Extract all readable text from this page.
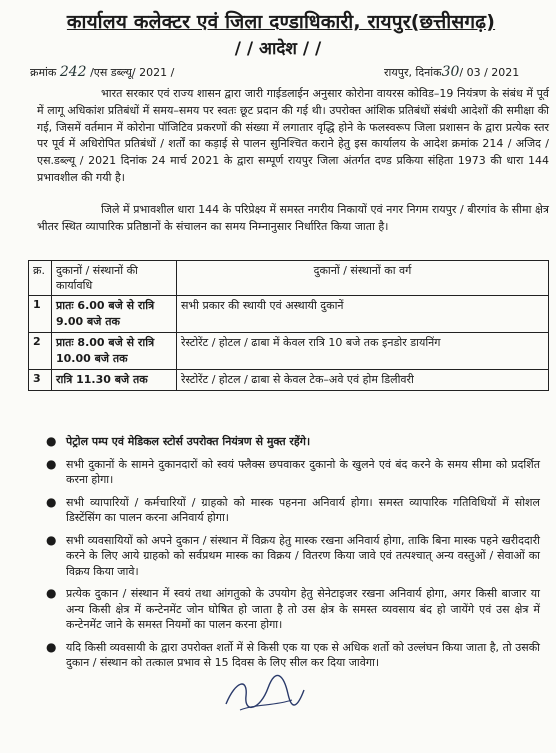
कार्यालय कलेक्टर एवं जिला दण्डाधिकारी, रायपुर(छत्तीसगढ़)
/ / आदेश / /
क्रमांक 242 /एस डब्ल्यू/ 2021 /	रायपुर, दिनांक30/ 03 / 2021
भारत सरकार एवं राज्य शासन द्वारा जारी गाईडलाईन अनुसार कोरोना वायरस कोविड–19 नियंत्रण के संबंध में पूर्व में लागू अधिकांश प्रतिबंधों में समय–समय पर स्वतः छूट प्रदान की गई थी। उपरोक्त आंशिक प्रतिबंधों संबंधी आदेशों की समीक्षा की गई, जिसमें वर्तमान में कोरोना पॉजिटिव प्रकरणों की संख्या में लगातार वृद्धि होने के फलस्वरूप जिला प्रशासन के द्वारा प्रत्येक स्तर पर पूर्व में अधिरोपित प्रतिबंधों / शर्तों का कड़ाई से पालन सुनिश्चित कराने हेतु इस कार्यालय के आदेश क्रमांक 214 / अजिद / एस.डब्ल्यू / 2021 दिनांक 24 मार्च 2021 के द्वारा सम्पूर्ण रायपुर जिला अंतर्गत दण्ड प्रकिया संहिता 1973 की धारा 144 प्रभावशील की गयी है।
जिले में प्रभावशील धारा 144 के परिप्रेक्ष्य में समस्त नगरीय निकायों एवं नगर निगम रायपुर / बीरगांव के सीमा क्षेत्र भीतर स्थित व्यापारिक प्रतिष्ठानों के संचालन का समय निम्नानुसार निर्धारित किया जाता है।
क्र.	दुकानों / संस्थानों की कार्यावधि	दुकानों / संस्थानों का वर्ग
1	प्रातः 6.00 बजे से रात्रि 9.00 बजे तक	सभी प्रकार की स्थायी एवं अस्थायी दुकानें
2	प्रातः 8.00 बजे से रात्रि 10.00 बजे तक	रेस्टोरेंट / होटल / ढाबा में केवल रात्रि 10 बजे तक इनडोर डायनिंग
3	रात्रि 11.30 बजे तक	रेस्टोरेंट / होटल / ढाबा से केवल टेक–अवे एवं होम डिलीवरी
● पेट्रोल पम्प एवं मेडिकल स्टोर्स उपरोक्त नियंत्रण से मुक्त रहेंगे।
● सभी दुकानों के सामने दुकानदारों को स्वयं फ्लैक्स छपवाकर दुकानो के खुलने एवं बंद करने के समय सीमा को प्रदर्शित करना होगा।
● सभी व्यापारियों / कर्मचारियों / ग्राहको को मास्क पहनना अनिवार्य होगा। समस्त व्यापारिक गतिविधियों में सोशल डिस्टेंसिंग का पालन करना अनिवार्य होगा।
● सभी व्यवसायियों को अपने दुकान / संस्थान में विक्रय हेतु मास्क रखना अनिवार्य होगा, ताकि बिना मास्क पहने खरीददारी करने के लिए आये ग्राहको को सर्वप्रथम मास्क का विक्रय / वितरण किया जावे एवं तत्पश्चात् अन्य वस्तुओं / सेवाओं का विक्रय किया जावे।
● प्रत्येक दुकान / संस्थान में स्वयं तथा आंगतुको के उपयोग हेतु सेनेटाइजर रखना अनिवार्य होगा, अगर किसी बाजार या अन्य किसी क्षेत्र में कन्टेनमेंट जोन घोषित हो जाता है तो उस क्षेत्र के समस्त व्यवसाय बंद हो जायेंगे एवं उस क्षेत्र में कन्टेनमेंट जाने के समस्त नियमों का पालन करना होगा।
● यदि किसी व्यवसायी के द्वारा उपरोक्त शर्तो में से किसी एक या एक से अधिक शर्तो को उल्लंघन किया जाता है, तो उसकी दुकान / संस्थान को तत्काल प्रभाव से 15 दिवस के लिए सील कर दिया जावेगा।
